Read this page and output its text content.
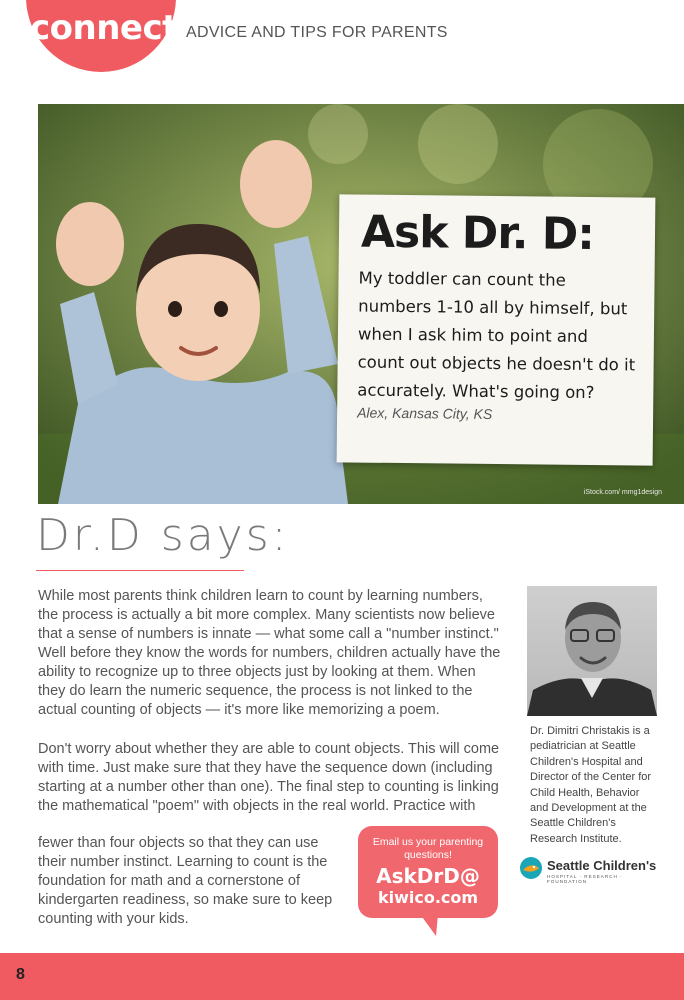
connect ADVICE AND TIPS FOR PARENTS
iStock.com/ mmg1design
Ask Dr. D:
My toddler can count the numbers 1-10 all by himself, but when I ask him to point and count out objects he doesn't do it accurately. What's going on?
Alex, Kansas City, KS
Dr.D says:
While most parents think children learn to count by learning numbers, the process is actually a bit more complex. Many scientists now believe that a sense of numbers is innate — what some call a "number instinct." Well before they know the words for numbers, children actually have the ability to recognize up to three objects just by looking at them. When they do learn the numeric sequence, the process is not linked to the actual counting of objects — it's more like memorizing a poem.
Don't worry about whether they are able to count objects. This will come with time. Just make sure that they have the sequence down (including starting at a number other than one). The final step to counting is linking the mathematical "poem" with objects in the real world. Practice with
fewer than four objects so that they can use their number instinct. Learning to count is the foundation for math and a cornerstone of kindergarten readiness, so make sure to keep counting with your kids.
Dr. Dimitri Christakis is a pediatrician at Seattle Children's Hospital and Director of the Center for Child Health, Behavior and Development at the Seattle Children's Research Institute.
Seattle Children's
HOSPITAL · RESEARCH · FOUNDATION
Email us your parenting questions!
AskDrD@
kiwico.com
8
